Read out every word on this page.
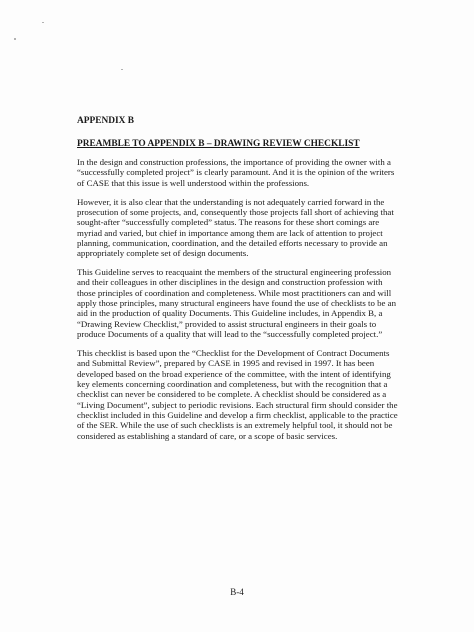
APPENDIX B
PREAMBLE TO APPENDIX B – DRAWING REVIEW CHECKLIST

In the design and construction professions, the importance of providing the owner with a “successfully completed project” is clearly paramount. And it is the opinion of the writers of CASE that this issue is well understood within the professions.

However, it is also clear that the understanding is not adequately carried forward in the prosecution of some projects, and, consequently those projects fall short of achieving that sought-after “successfully completed” status. The reasons for these short comings are myriad and varied, but chief in importance among them are lack of attention to project planning, communication, coordination, and the detailed efforts necessary to provide an appropriately complete set of design documents.

This Guideline serves to reacquaint the members of the structural engineering profession and their colleagues in other disciplines in the design and construction profession with those principles of coordination and completeness. While most practitioners can and will apply those principles, many structural engineers have found the use of checklists to be an aid in the production of quality Documents. This Guideline includes, in Appendix B, a “Drawing Review Checklist,” provided to assist structural engineers in their goals to produce Documents of a quality that will lead to the “successfully completed project.”

This checklist is based upon the “Checklist for the Development of Contract Documents and Submittal Review”, prepared by CASE in 1995 and revised in 1997. It has been developed based on the broad experience of the committee, with the intent of identifying key elements concerning coordination and completeness, but with the recognition that a checklist can never be considered to be complete. A checklist should be considered as a “Living Document”, subject to periodic revisions. Each structural firm should consider the checklist included in this Guideline and develop a firm checklist, applicable to the practice of the SER. While the use of such checklists is an extremely helpful tool, it should not be considered as establishing a standard of care, or a scope of basic services.

B-4
